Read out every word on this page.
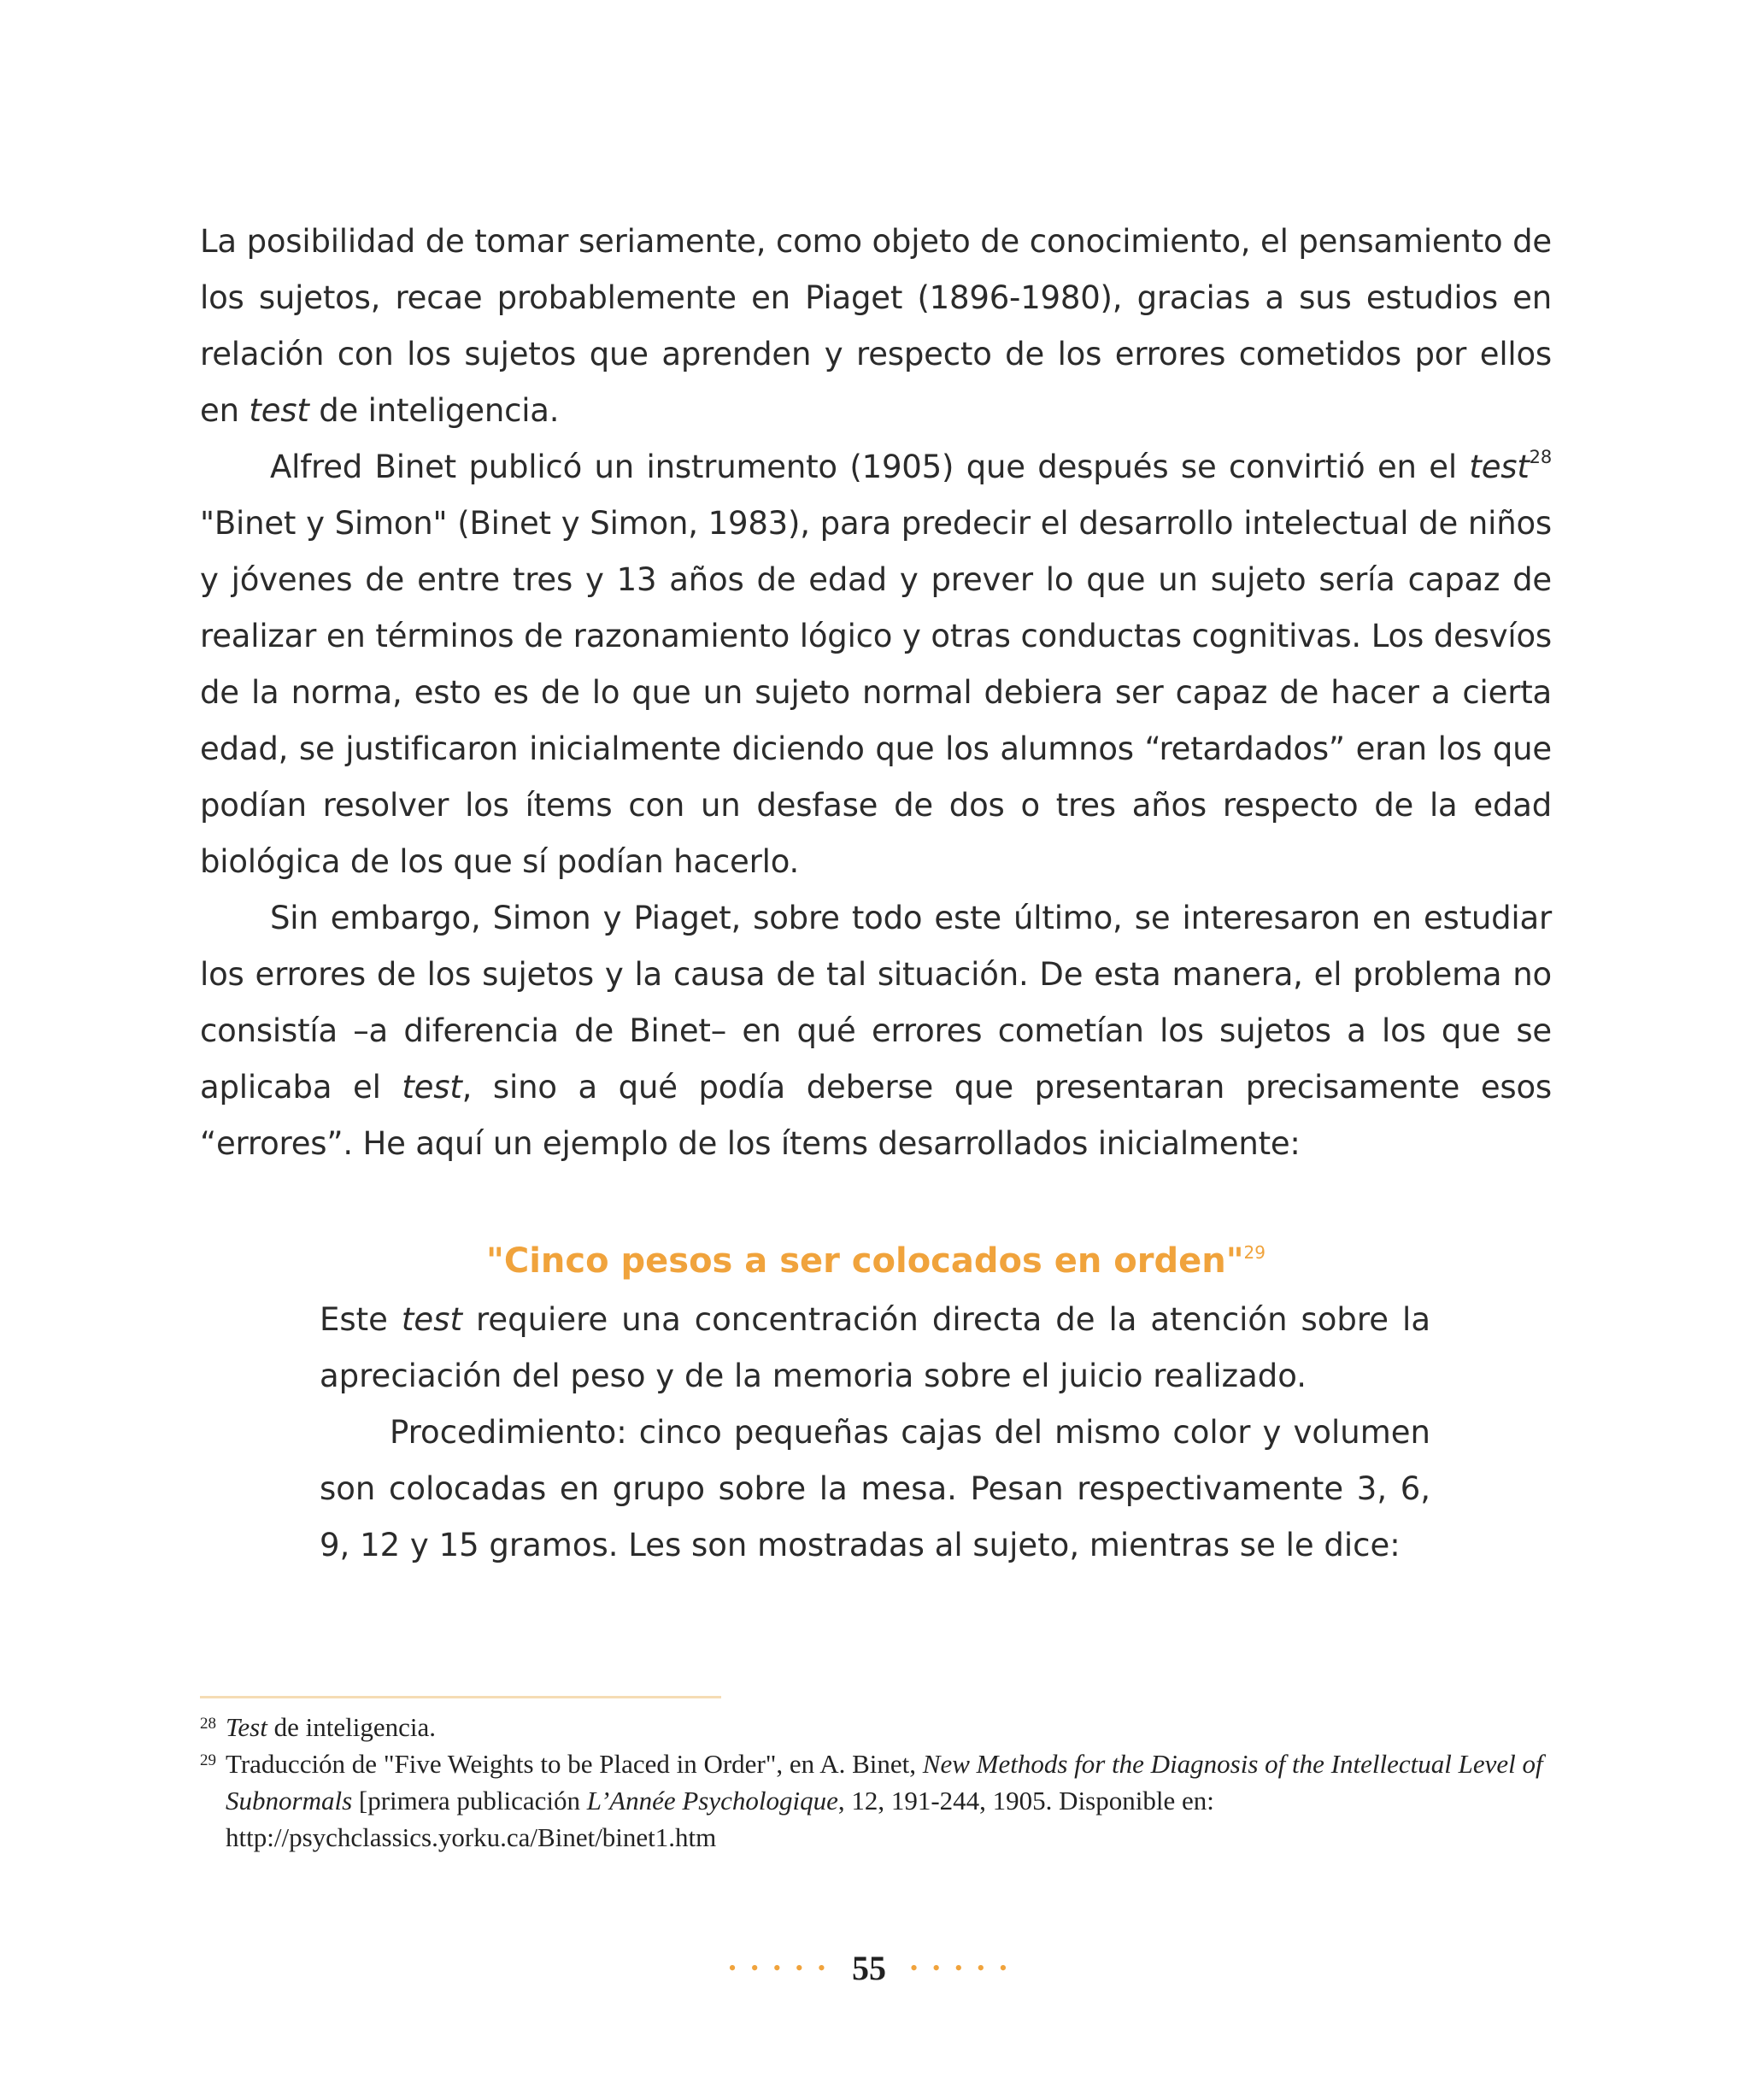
La posibilidad de tomar seriamente, como objeto de conocimiento, el pensamiento de los sujetos, recae probablemente en Piaget (1896-1980), gracias a sus estudios en relación con los sujetos que aprenden y respecto de los errores cometidos por ellos en test de inteligencia.

Alfred Binet publicó un instrumento (1905) que después se convirtió en el test$^{28}$ "Binet y Simon" (Binet y Simon, 1983), para predecir el desarrollo intelectual de niños y jóvenes de entre tres y 13 años de edad y prever lo que un sujeto sería capaz de realizar en términos de razonamiento lógico y otras conductas cognitivas. Los desvíos de la norma, esto es de lo que un sujeto normal debiera ser capaz de hacer a cierta edad, se justificaron inicialmente diciendo que los alumnos “retardados” eran los que podían resolver los ítems con un desfase de dos o tres años respecto de la edad biológica de los que sí podían hacerlo.

Sin embargo, Simon y Piaget, sobre todo este último, se interesaron en estudiar los errores de los sujetos y la causa de tal situación. De esta manera, el problema no consistía –a diferencia de Binet– en qué errores cometían los sujetos a los que se aplicaba el test, sino a qué podía deberse que presentaran precisamente esos “errores”. He aquí un ejemplo de los ítems desarrollados inicialmente:

"Cinco pesos a ser colocados en orden"$^{29}$

Este test requiere una concentración directa de la atención sobre la apreciación del peso y de la memoria sobre el juicio realizado.

Procedimiento: cinco pequeñas cajas del mismo color y volumen son colocadas en grupo sobre la mesa. Pesan respectivamente 3, 6, 9, 12 y 15 gramos. Les son mostradas al sujeto, mientras se le dice:

28 Test de inteligencia.

29 Traducción de "Five Weights to be Placed in Order", en A. Binet, New Methods for the Diagnosis of the Intellectual Level of Subnormals [primera publicación L’Année Psychologique, 12, 191-244, 1905. Disponible en: http://psychclassics.yorku.ca/Binet/binet1.htm

••••• 55 •••••
